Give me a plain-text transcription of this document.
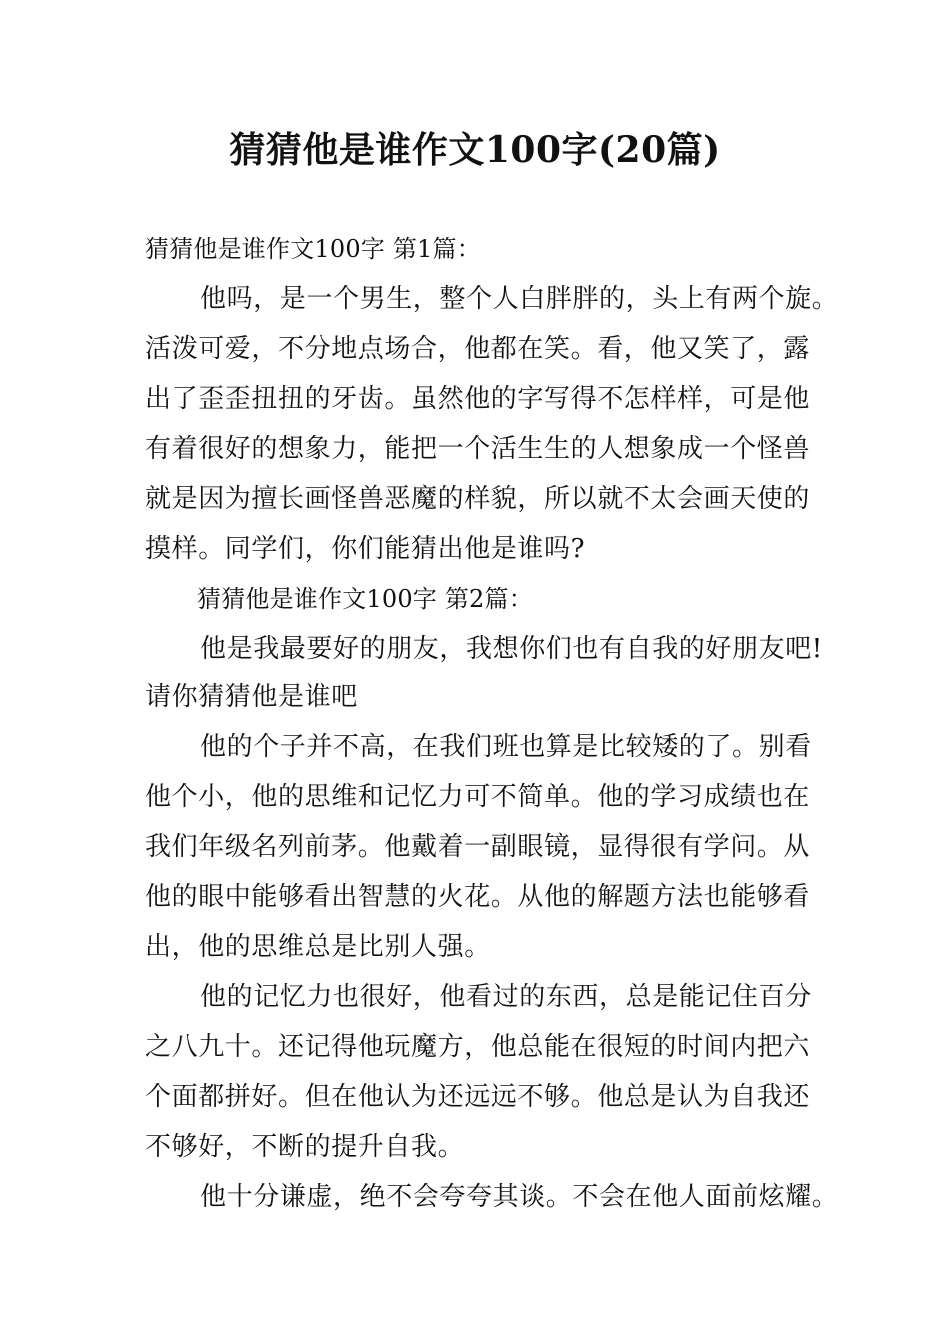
猜猜他是谁作文100字(20篇)
猜猜他是谁作文100字 第1篇：
他吗，是一个男生，整个人白胖胖的，头上有两个旋。
活泼可爱，不分地点场合，他都在笑。看，他又笑了，露
出了歪歪扭扭的牙齿。虽然他的字写得不怎样样，可是他
有着很好的想象力，能把一个活生生的人想象成一个怪兽
就是因为擅长画怪兽恶魔的样貌，所以就不太会画天使的
摸样。同学们，你们能猜出他是谁吗?
猜猜他是谁作文100字 第2篇：
他是我最要好的朋友，我想你们也有自我的好朋友吧!
请你猜猜他是谁吧
他的个子并不高，在我们班也算是比较矮的了。别看
他个小，他的思维和记忆力可不简单。他的学习成绩也在
我们年级名列前茅。他戴着一副眼镜，显得很有学问。从
他的眼中能够看出智慧的火花。从他的解题方法也能够看
出，他的思维总是比别人强。
他的记忆力也很好，他看过的东西，总是能记住百分
之八九十。还记得他玩魔方，他总能在很短的时间内把六
个面都拼好。但在他认为还远远不够。他总是认为自我还
不够好，不断的提升自我。
他十分谦虚，绝不会夸夸其谈。不会在他人面前炫耀。
